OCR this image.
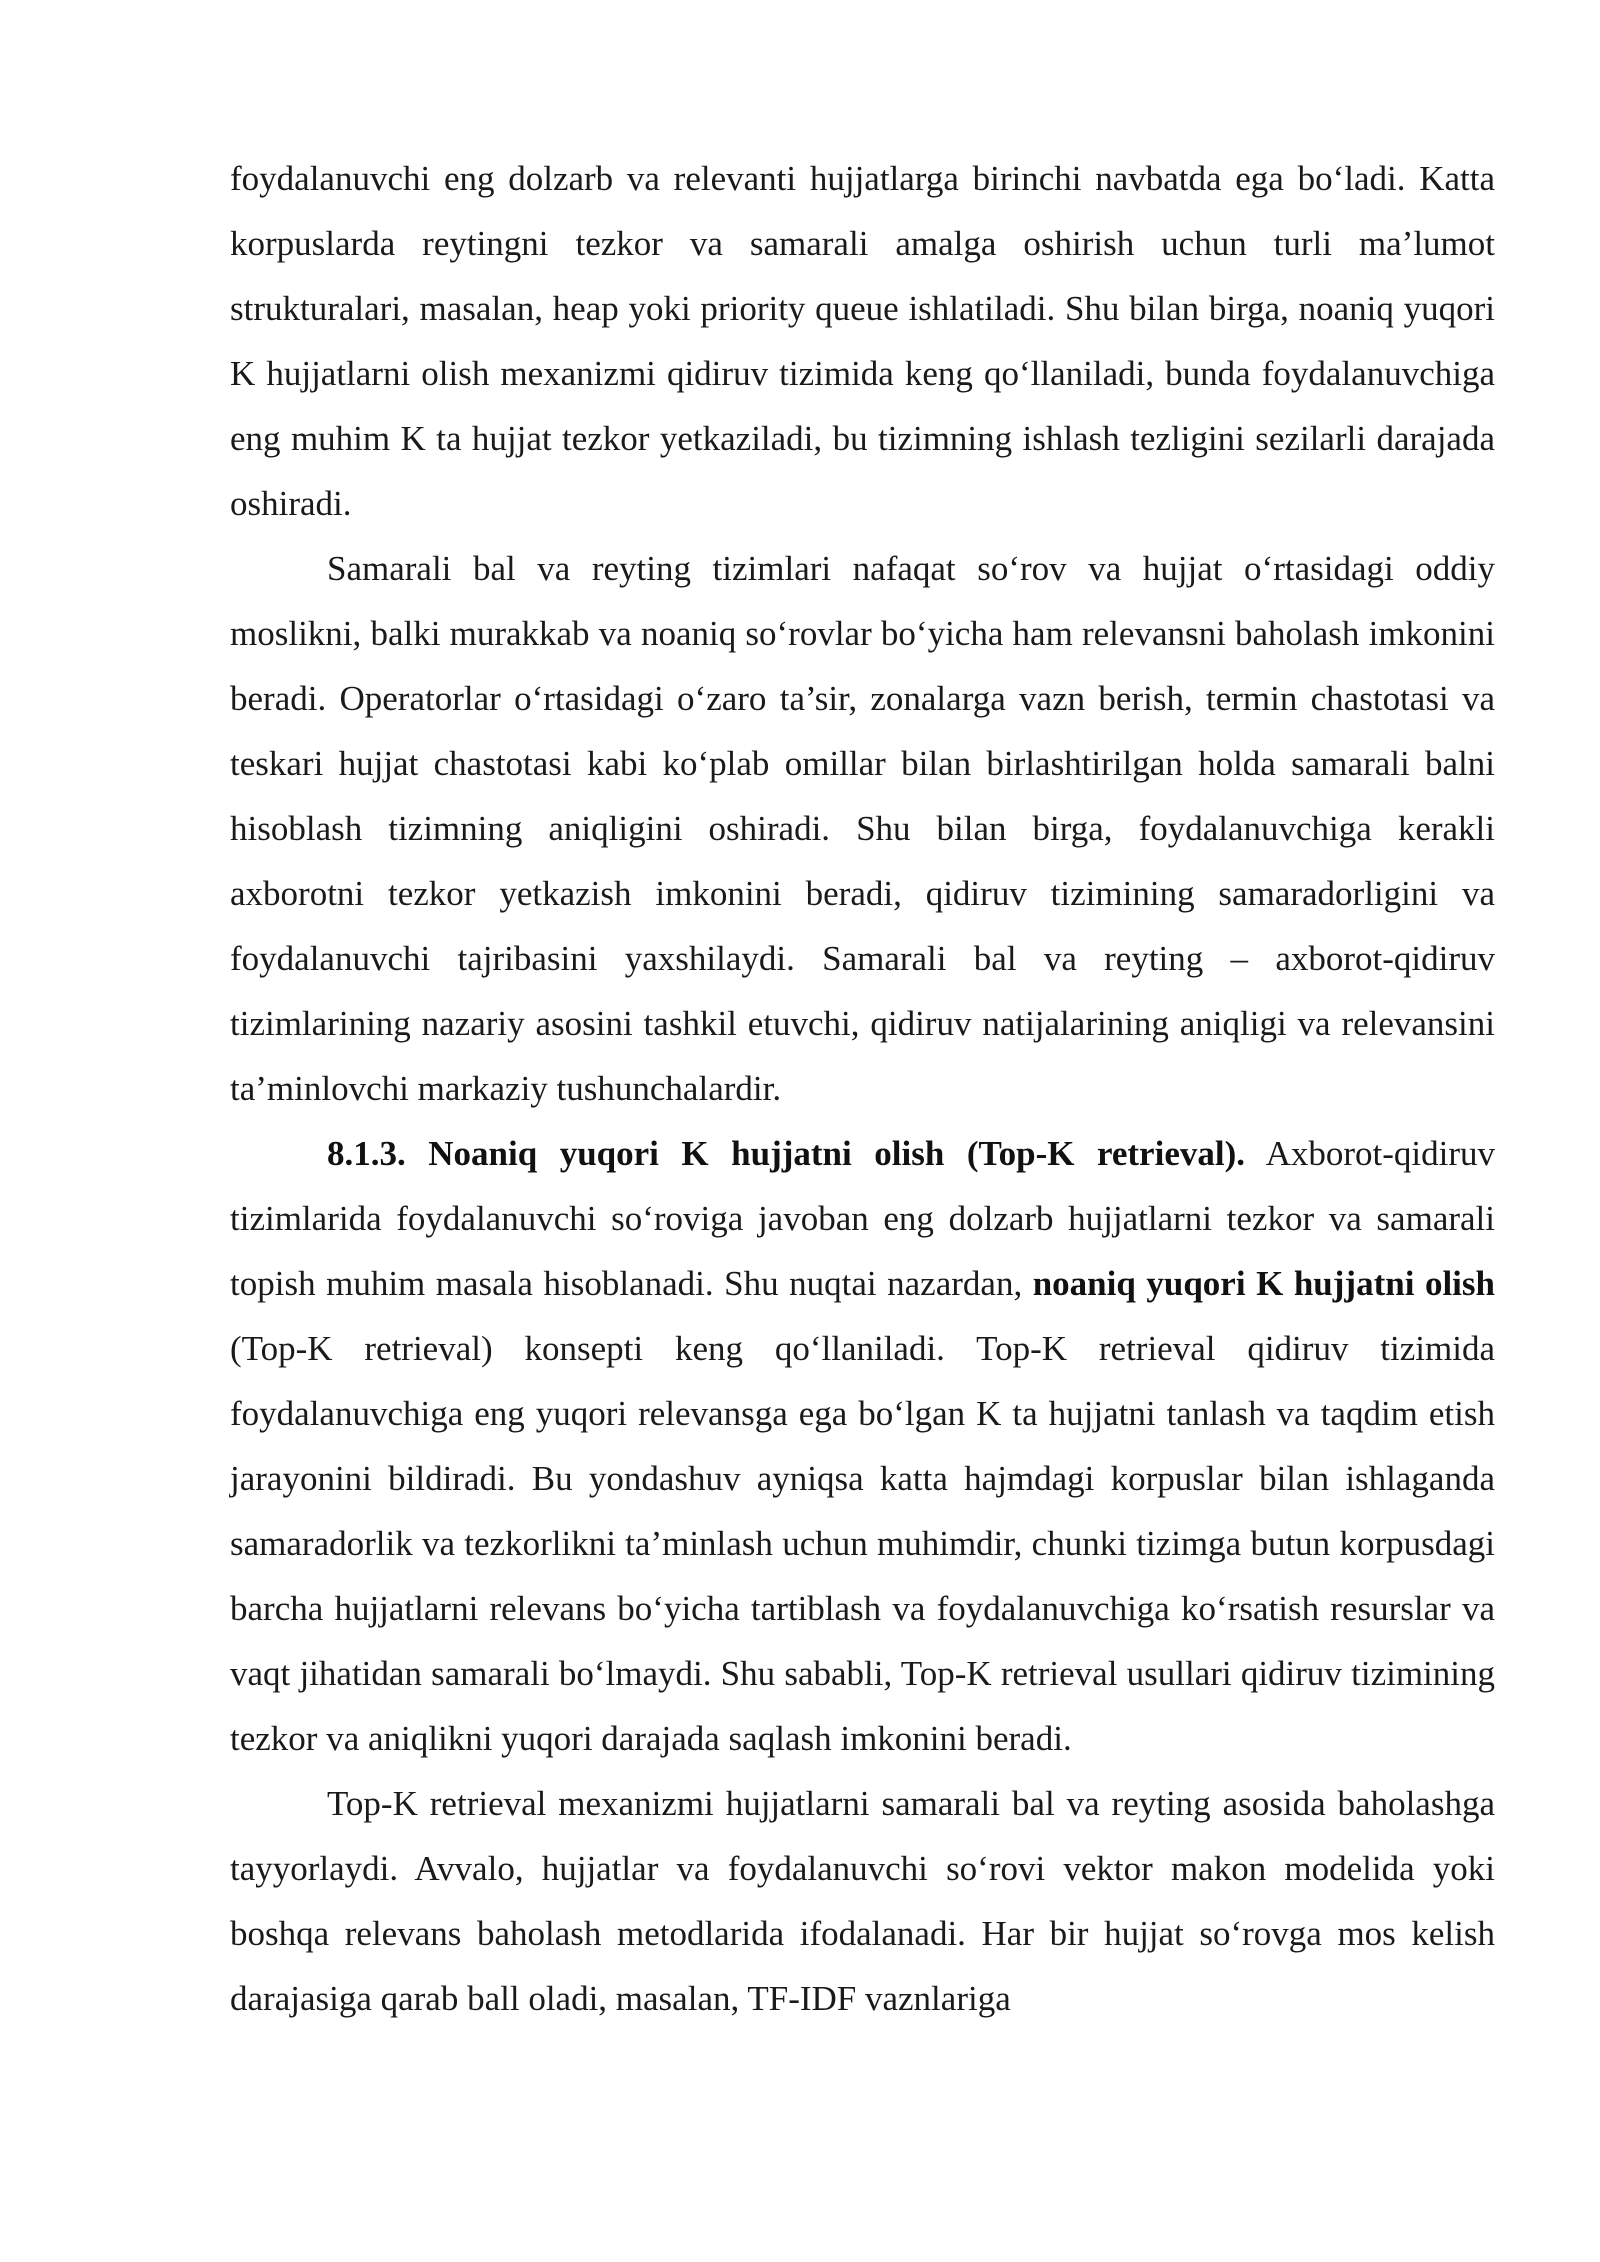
foydalanuvchi eng dolzarb va relevanti hujjatlarga birinchi navbatda ega bo‘ladi. Katta korpuslarda reytingni tezkor va samarali amalga oshirish uchun turli ma’lumot strukturalari, masalan, heap yoki priority queue ishlatiladi. Shu bilan birga, noaniq yuqori K hujjatlarni olish mexanizmi qidiruv tizimida keng qo‘llaniladi, bunda foydalanuvchiga eng muhim K ta hujjat tezkor yetkaziladi, bu tizimning ishlash tezligini sezilarli darajada oshiradi.

Samarali bal va reyting tizimlari nafaqat so‘rov va hujjat o‘rtasidagi oddiy moslikni, balki murakkab va noaniq so‘rovlar bo‘yicha ham relevansni baholash imkonini beradi. Operatorlar o‘rtasidagi o‘zaro ta’sir, zonalarga vazn berish, termin chastotasi va teskari hujjat chastotasi kabi ko‘plab omillar bilan birlashtirilgan holda samarali balni hisoblash tizimning aniqligini oshiradi. Shu bilan birga, foydalanuvchiga kerakli axborotni tezkor yetkazish imkonini beradi, qidiruv tizimining samaradorligini va foydalanuvchi tajribasini yaxshilaydi. Samarali bal va reyting – axborot-qidiruv tizimlarining nazariy asosini tashkil etuvchi, qidiruv natijalarining aniqligi va relevansini ta’minlovchi markaziy tushunchalardir.

8.1.3. Noaniq yuqori K hujjatni olish (Top-K retrieval). Axborot-qidiruv tizimlarida foydalanuvchi so‘roviga javoban eng dolzarb hujjatlarni tezkor va samarali topish muhim masala hisoblanadi. Shu nuqtai nazardan, noaniq yuqori K hujjatni olish (Top-K retrieval) konsepti keng qo‘llaniladi. Top-K retrieval qidiruv tizimida foydalanuvchiga eng yuqori relevansga ega bo‘lgan K ta hujjatni tanlash va taqdim etish jarayonini bildiradi. Bu yondashuv ayniqsa katta hajmdagi korpuslar bilan ishlaganda samaradorlik va tezkorlikni ta’minlash uchun muhimdir, chunki tizimga butun korpusdagi barcha hujjatlarni relevans bo‘yicha tartiblash va foydalanuvchiga ko‘rsatish resurslar va vaqt jihatidan samarali bo‘lmaydi. Shu sababli, Top-K retrieval usullari qidiruv tizimining tezkor va aniqlikni yuqori darajada saqlash imkonini beradi.

Top-K retrieval mexanizmi hujjatlarni samarali bal va reyting asosida baholashga tayyorlaydi. Avvalo, hujjatlar va foydalanuvchi so‘rovi vektor makon modelida yoki boshqa relevans baholash metodlarida ifodalanadi. Har bir hujjat so‘rovga mos kelish darajasiga qarab ball oladi, masalan, TF-IDF vaznlariga
